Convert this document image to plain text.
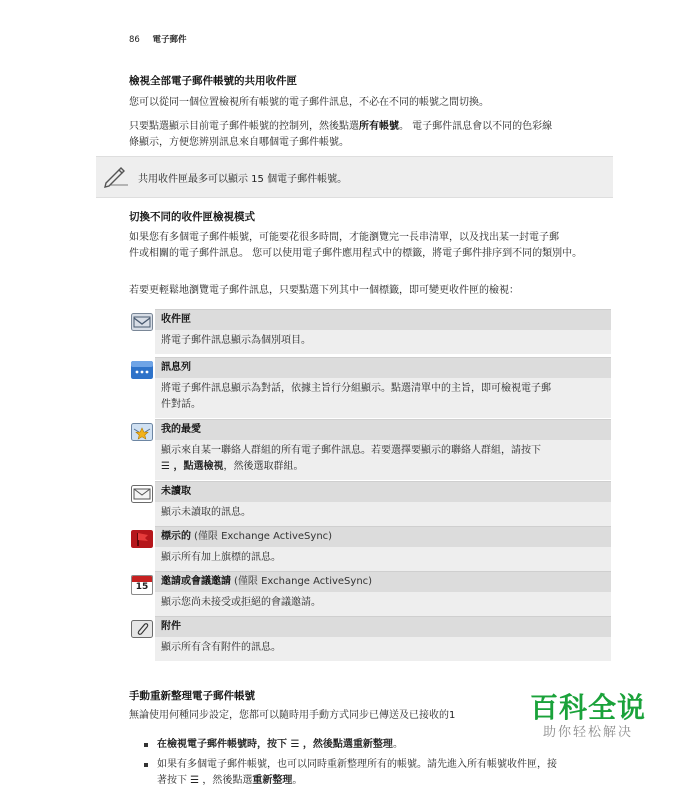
86 電子郵件
檢視全部電子郵件帳號的共用收件匣
您可以從同一個位置檢視所有帳號的電子郵件訊息，不必在不同的帳號之間切換。
只要點選顯示目前電子郵件帳號的控制列，然後點選所有帳號。 電子郵件訊息會以不同的色彩線
條顯示，方便您辨別訊息來自哪個電子郵件帳號。
共用收件匣最多可以顯示 15 個電子郵件帳號。
切換不同的收件匣檢視模式
如果您有多個電子郵件帳號，可能要花很多時間，才能瀏覽完一長串清單，以及找出某一封電子郵
件或相關的電子郵件訊息。 您可以使用電子郵件應用程式中的標籤，將電子郵件排序到不同的類別中。
若要更輕鬆地瀏覽電子郵件訊息，只要點選下列其中一個標籤，即可變更收件匣的檢視：
收件匣
將電子郵件訊息顯示為個別項目。
訊息列
將電子郵件訊息顯示為對話，依據主旨行分組顯示。點選清單中的主旨，即可檢視電子郵
件對話。
我的最愛
顯示來自某一聯絡人群組的所有電子郵件訊息。若要選擇要顯示的聯絡人群組，請按下
☰ ，點選檢視，然後選取群組。
未讀取
顯示未讀取的訊息。
標示的 (僅限 Exchange ActiveSync)
顯示所有加上旗標的訊息。
15	邀請或會議邀請 (僅限 Exchange ActiveSync)
顯示您尚未接受或拒絕的會議邀請。
附件
顯示所有含有附件的訊息。
手動重新整理電子郵件帳號
無論使用何種同步設定，您都可以隨時用手動方式同步已傳送及已接收的1
在檢視電子郵件帳號時，按下 ☰ ，然後點選重新整理。
如果有多個電子郵件帳號，也可以同時重新整理所有的帳號。請先進入所有帳號收件匣，接
著按下 ☰ ，然後點選重新整理。
百科全说
助你轻松解决
